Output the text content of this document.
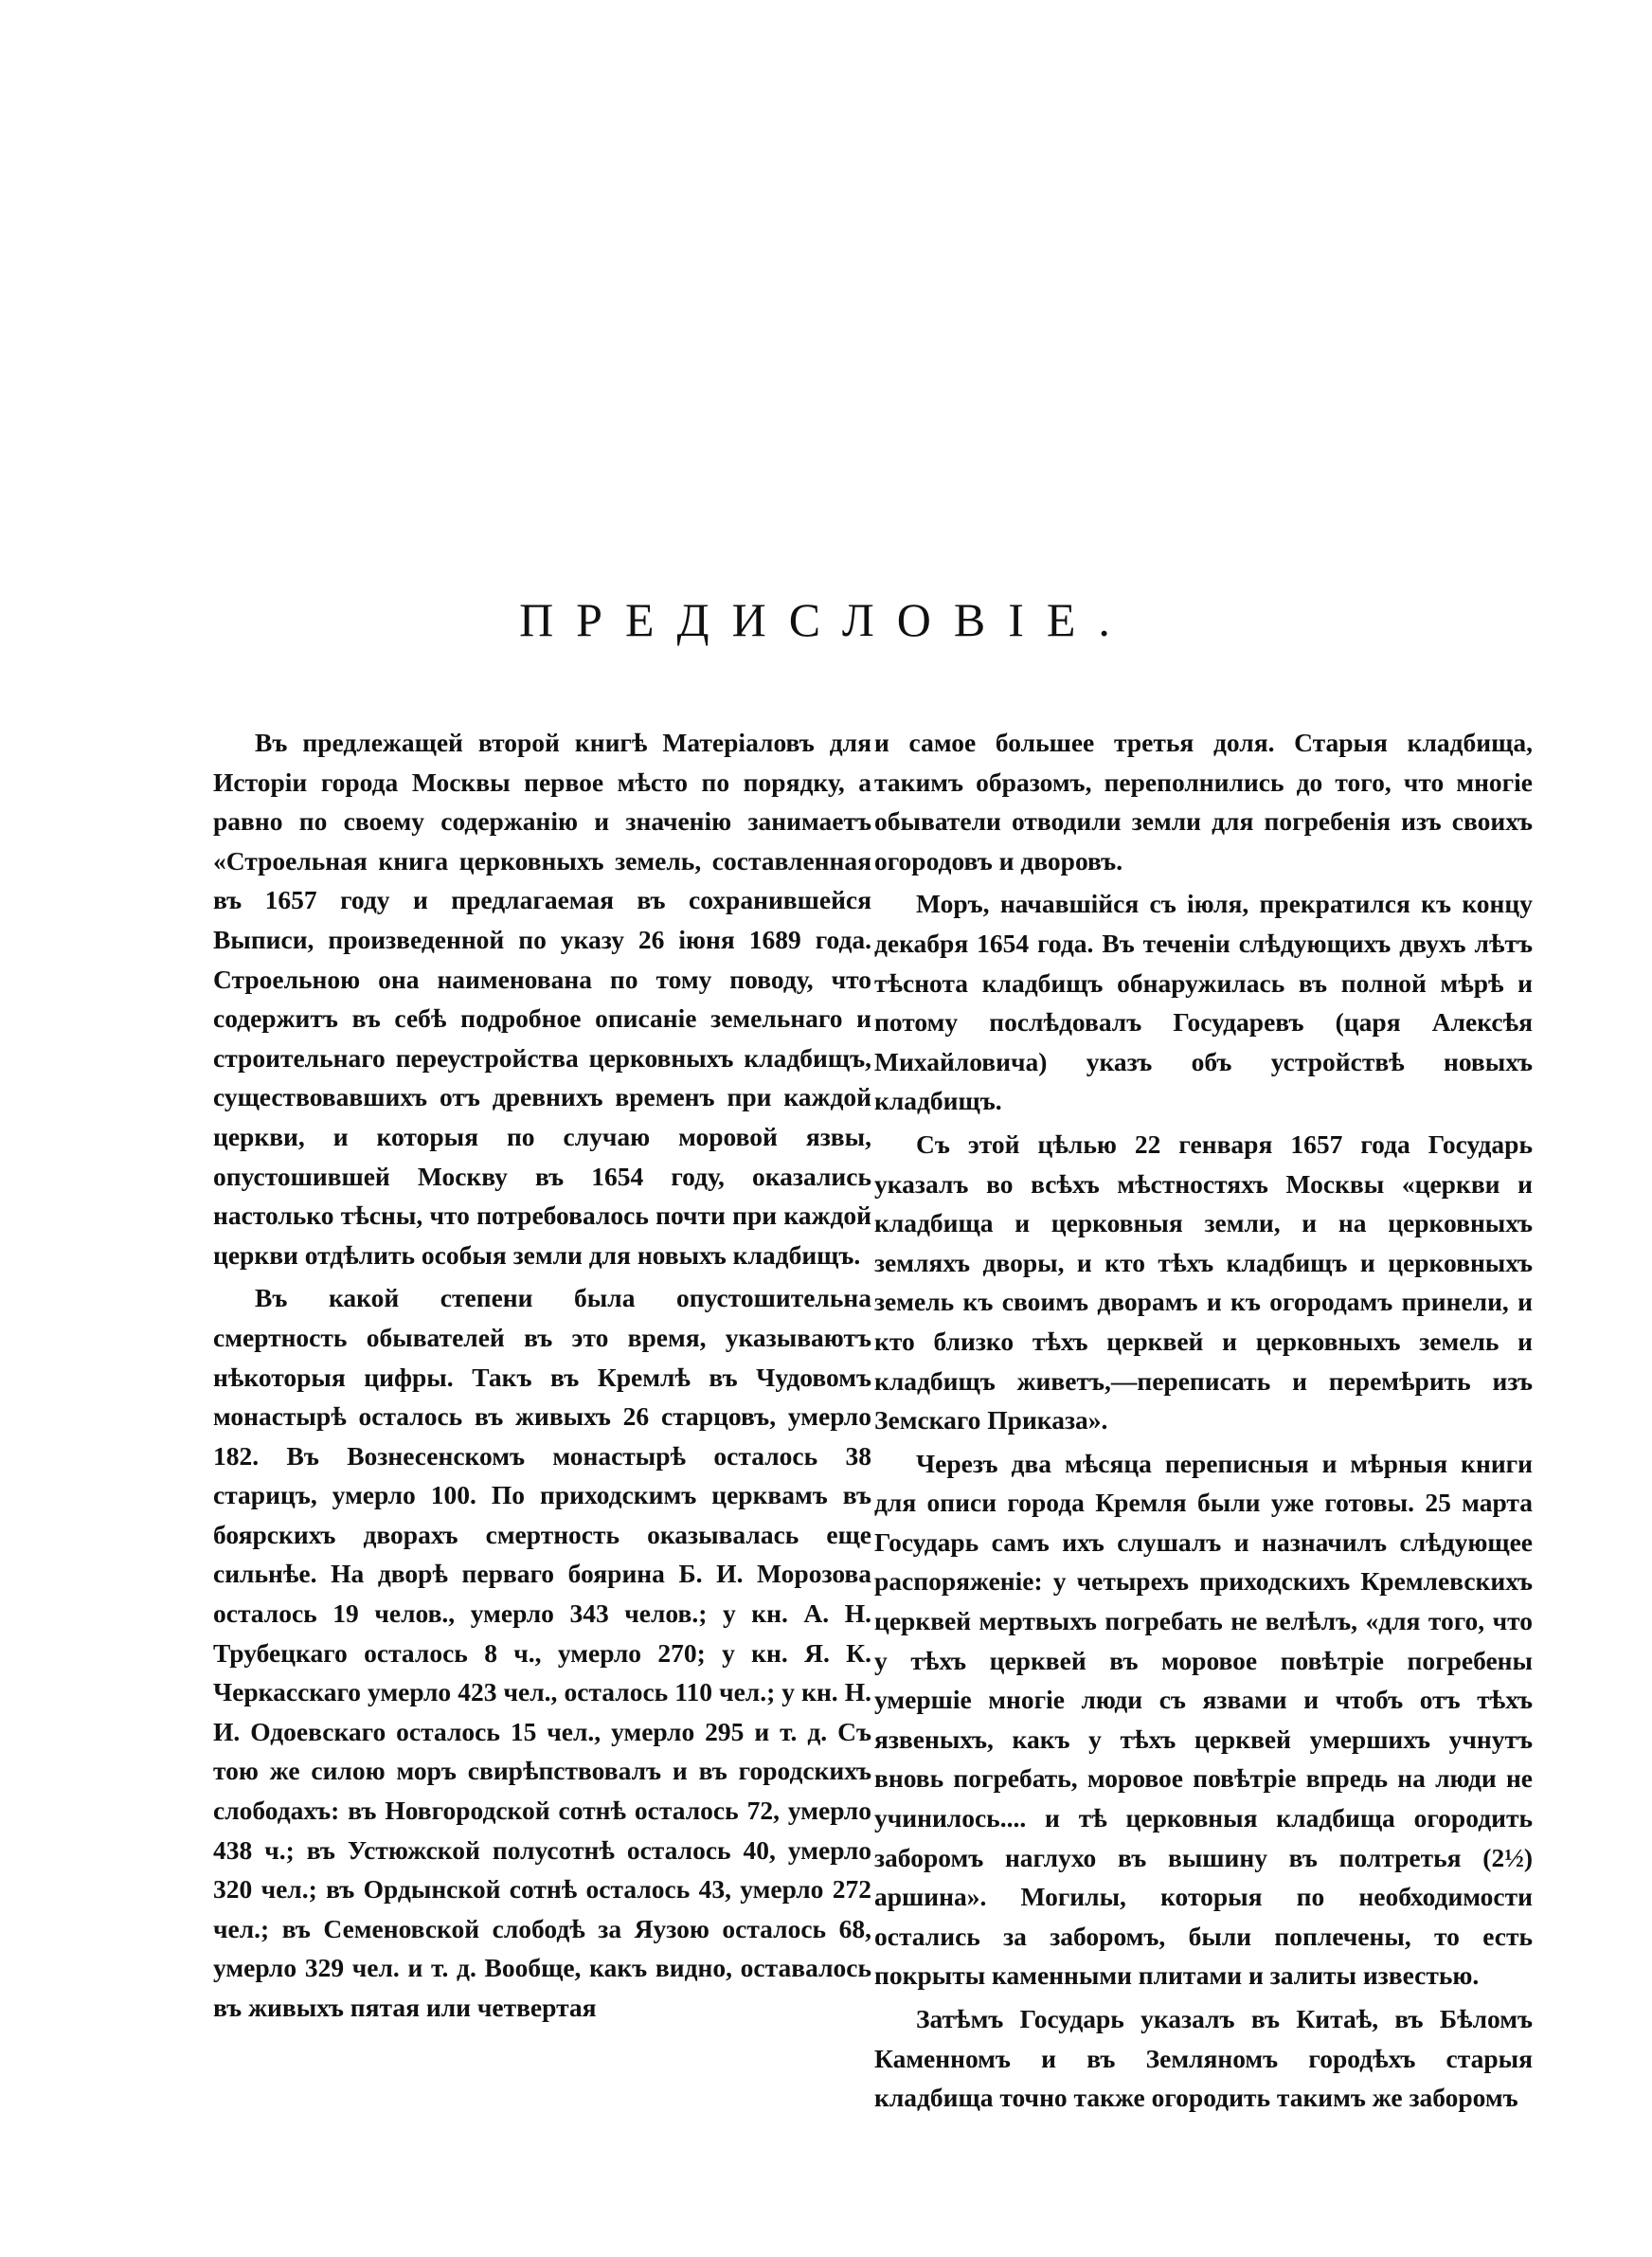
ПРЕДИСЛОВІЕ.

Въ предлежащей второй книгѣ Матеріаловъ для Исторіи города Москвы первое мѣсто по порядку, а равно по своему содержанію и значенію занимаетъ «Строельная книга церковныхъ земель, составленная въ 1657 году и предлагаемая въ сохранившейся Выписи, произведенной по указу 26 іюня 1689 года. Строельною она наименована по тому поводу, что содержитъ въ себѣ подробное описаніе земельнаго и строительнаго переустройства церковныхъ кладбищъ, существовавшихъ отъ древнихъ временъ при каждой церкви, и которыя по случаю моровой язвы, опустошившей Москву въ 1654 году, оказались настолько тѣсны, что потребовалось почти при каждой церкви отдѣлить особыя земли для новыхъ кладбищъ.

Въ какой степени была опустошительна смертность обывателей въ это время, указываютъ нѣкоторыя цифры. Такъ въ Кремлѣ въ Чудовомъ монастырѣ осталось въ живыхъ 26 старцовъ, умерло 182. Въ Вознесенскомъ монастырѣ осталось 38 старицъ, умерло 100. По приходскимъ церквамъ въ боярскихъ дворахъ смертность оказывалась еще сильнѣе. На дворѣ перваго боярина Б. И. Морозова осталось 19 челов., умерло 343 челов.; у кн. А. Н. Трубецкаго осталось 8 ч., умерло 270; у кн. Я. К. Черкасскаго умерло 423 чел., осталось 110 чел.; у кн. Н. И. Одоевскаго осталось 15 чел., умерло 295 и т. д. Съ тою же силою моръ свирѣпствовалъ и въ городскихъ слободахъ: въ Новгородской сотнѣ осталось 72, умерло 438 ч.; въ Устюжской полусотнѣ осталось 40, умерло 320 чел.; въ Ордынской сотнѣ осталось 43, умерло 272 чел.; въ Семеновской слободѣ за Яузою осталось 68, умерло 329 чел. и т. д. Вообще, какъ видно, оставалось въ живыхъ пятая или четвертая

и самое большее третья доля. Старыя кладбища, такимъ образомъ, переполнились до того, что многіе обыватели отводили земли для погребенія изъ своихъ огородовъ и дворовъ.

Моръ, начавшійся съ іюля, прекратился къ концу декабря 1654 года. Въ теченіи слѣдующихъ двухъ лѣтъ тѣснота кладбищъ обнаружилась въ полной мѣрѣ и потому послѣдовалъ Государевъ (царя Алексѣя Михайловича) указъ объ устройствѣ новыхъ кладбищъ.

Съ этой цѣлью 22 генваря 1657 года Государь указалъ во всѣхъ мѣстностяхъ Москвы «церкви и кладбища и церковныя земли, и на церковныхъ земляхъ дворы, и кто тѣхъ кладбищъ и церковныхъ земель къ своимъ дворамъ и къ огородамъ принели, и кто близко тѣхъ церквей и церковныхъ земель и кладбищъ живетъ,—переписать и перемѣрить изъ Земскаго Приказа».

Черезъ два мѣсяца переписныя и мѣрныя книги для описи города Кремля были уже готовы. 25 марта Государь самъ ихъ слушалъ и назначилъ слѣдующее распоряженіе: у четырехъ приходскихъ Кремлевскихъ церквей мертвыхъ погребать не велѣлъ, «для того, что у тѣхъ церквей въ моровое повѣтріе погребены умершіе многіе люди съ язвами и чтобъ отъ тѣхъ язвеныхъ, какъ у тѣхъ церквей умершихъ учнутъ вновь погребать, моровое повѣтріе впредь на люди не учинилось.... и тѣ церковныя кладбища огородить заборомъ наглухо въ вышину въ полтретья (2½) аршина». Могилы, которыя по необходимости остались за заборомъ, были поплечены, то есть покрыты каменными плитами и залиты известью.

Затѣмъ Государь указалъ въ Китаѣ, въ Бѣломъ Каменномъ и въ Земляномъ городѣхъ старыя кладбища точно также огородить такимъ же заборомъ
